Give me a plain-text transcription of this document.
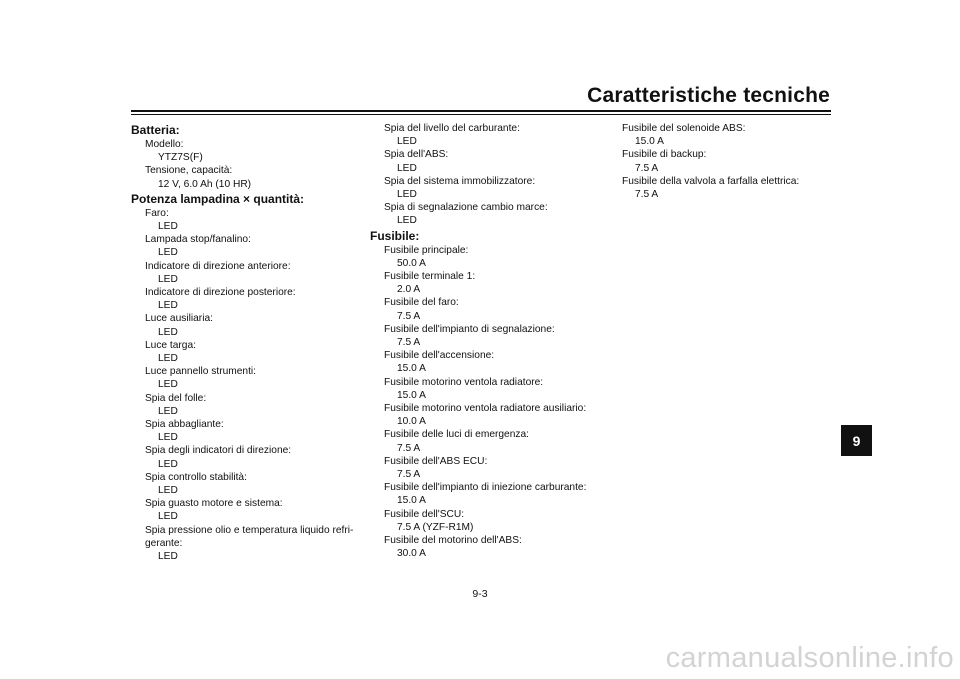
Caratteristiche tecniche
Batteria:
Modello:
YTZ7S(F)
Tensione, capacità:
12 V, 6.0 Ah (10 HR)
Potenza lampadina × quantità:
Faro:
LED
Lampada stop/fanalino:
LED
Indicatore di direzione anteriore:
LED
Indicatore di direzione posteriore:
LED
Luce ausiliaria:
LED
Luce targa:
LED
Luce pannello strumenti:
LED
Spia del folle:
LED
Spia abbagliante:
LED
Spia degli indicatori di direzione:
LED
Spia controllo stabilità:
LED
Spia guasto motore e sistema:
LED
Spia pressione olio e temperatura liquido refri-gerante:
LED
Spia del livello del carburante:
LED
Spia dell'ABS:
LED
Spia del sistema immobilizzatore:
LED
Spia di segnalazione cambio marce:
LED
Fusibile:
Fusibile principale:
50.0 A
Fusibile terminale 1:
2.0 A
Fusibile del faro:
7.5 A
Fusibile dell'impianto di segnalazione:
7.5 A
Fusibile dell'accensione:
15.0 A
Fusibile motorino ventola radiatore:
15.0 A
Fusibile motorino ventola radiatore ausiliario:
10.0 A
Fusibile delle luci di emergenza:
7.5 A
Fusibile dell'ABS ECU:
7.5 A
Fusibile dell'impianto di iniezione carburante:
15.0 A
Fusibile dell'SCU:
7.5 A (YZF-R1M)
Fusibile del motorino dell'ABS:
30.0 A
Fusibile del solenoide ABS:
15.0 A
Fusibile di backup:
7.5 A
Fusibile della valvola a farfalla elettrica:
7.5 A
9
9-3
carmanualsonline.info
